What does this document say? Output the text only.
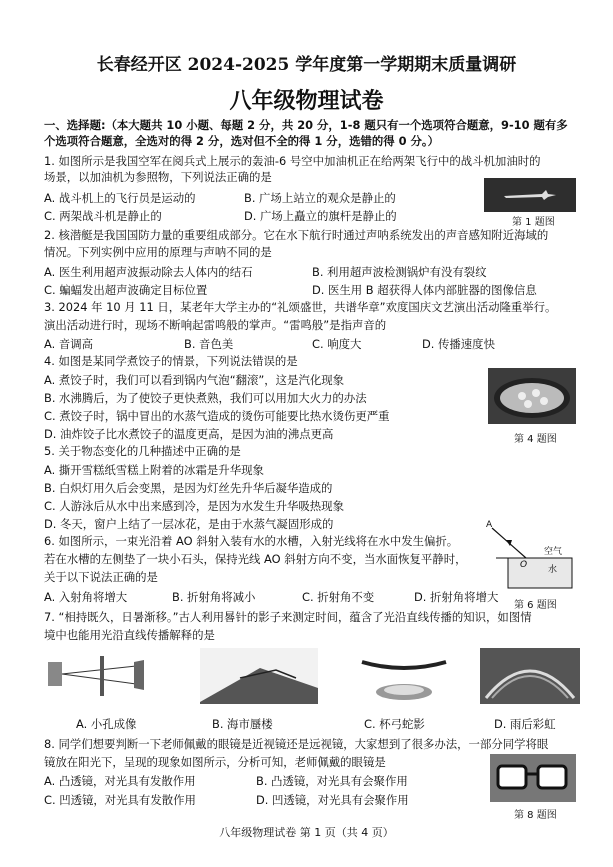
长春经开区 2024-2025 学年度第一学期期末质量调研
八年级物理试卷
一、选择题:（本大题共 10 小题、每题 2 分，共 20 分，1-8 题只有一个选项符合题意，9-10 题有多
个选项符合题意，全选对的得 2 分，选对但不全的得 1 分，选错的得 0 分。）
1. 如图所示是我国空军在阅兵式上展示的轰油-6 号空中加油机正在给两架飞行中的战斗机加油时的
场景，以加油机为参照物，下列说法正确的是
A. 战斗机上的飞行员是运动的	B. 广场上站立的观众是静止的
C. 两架战斗机是静止的	D. 广场上矗立的旗杆是静止的	第 1 题图
2. 核潜艇是我国国防力量的重要组成部分。它在水下航行时通过声呐系统发出的声音感知附近海域的
情况。下列实例中应用的原理与声呐不同的是
A. 医生利用超声波振动除去人体内的结石	B. 利用超声波检测锅炉有没有裂纹
C. 蝙蝠发出超声波确定目标位置	D. 医生用 B 超获得人体内部脏器的图像信息
3. 2024 年 10 月 11 日，某老年大学主办的“礼颂盛世，共谱华章”欢度国庆文艺演出活动隆重举行。
演出活动进行时，现场不断响起雷鸣般的掌声。“雷鸣般”是指声音的
A. 音调高	B. 音色美	C. 响度大	D. 传播速度快
4. 如图是某同学煮饺子的情景，下列说法错误的是
A. 煮饺子时，我们可以看到锅内气泡“翻滚”，这是汽化现象
B. 水沸腾后，为了使饺子更快煮熟，我们可以用加大火力的办法
C. 煮饺子时，锅中冒出的水蒸气造成的烫伤可能要比热水烫伤更严重
D. 油炸饺子比水煮饺子的温度更高，是因为油的沸点更高	第 4 题图
5. 关于物态变化的几种描述中正确的是
A. 撕开雪糕纸雪糕上附着的冰霜是升华现象
B. 白炽灯用久后会变黑，是因为灯丝先升华后凝华造成的
C. 人游泳后从水中出来感到冷，是因为水发生升华吸热现象
D. 冬天，窗户上结了一层冰花，是由于水蒸气凝固形成的
6. 如图所示，一束光沿着 AO 斜射入装有水的水槽，入射光线将在水中发生偏折。
若在水槽的左侧垫了一块小石头，保持光线 AO 斜射方向不变，当水面恢复平静时，
关于以下说法正确的是
A. 入射角将增大	B. 折射角将减小	C. 折射角不变	D. 折射角将增大
A
O
空气
水
第 6 题图
7. “相持既久，日暑渐移。”古人利用晷针的影子来测定时间，蕴含了光沿直线传播的知识，如图情
境中也能用光沿直线传播解释的是
A. 小孔成像	B. 海市蜃楼	C. 杯弓蛇影	D. 雨后彩虹
8. 同学们想要判断一下老师佩戴的眼镜是近视镜还是远视镜，大家想到了很多办法，一部分同学将眼
镜放在阳光下，呈现的现象如图所示，分析可知，老师佩戴的眼镜是
A. 凸透镜，对光具有发散作用	B. 凸透镜，对光具有会聚作用
C. 凹透镜，对光具有发散作用	D. 凹透镜，对光具有会聚作用
第 8 题图
八年级物理试卷 第 1 页（共 4 页）
